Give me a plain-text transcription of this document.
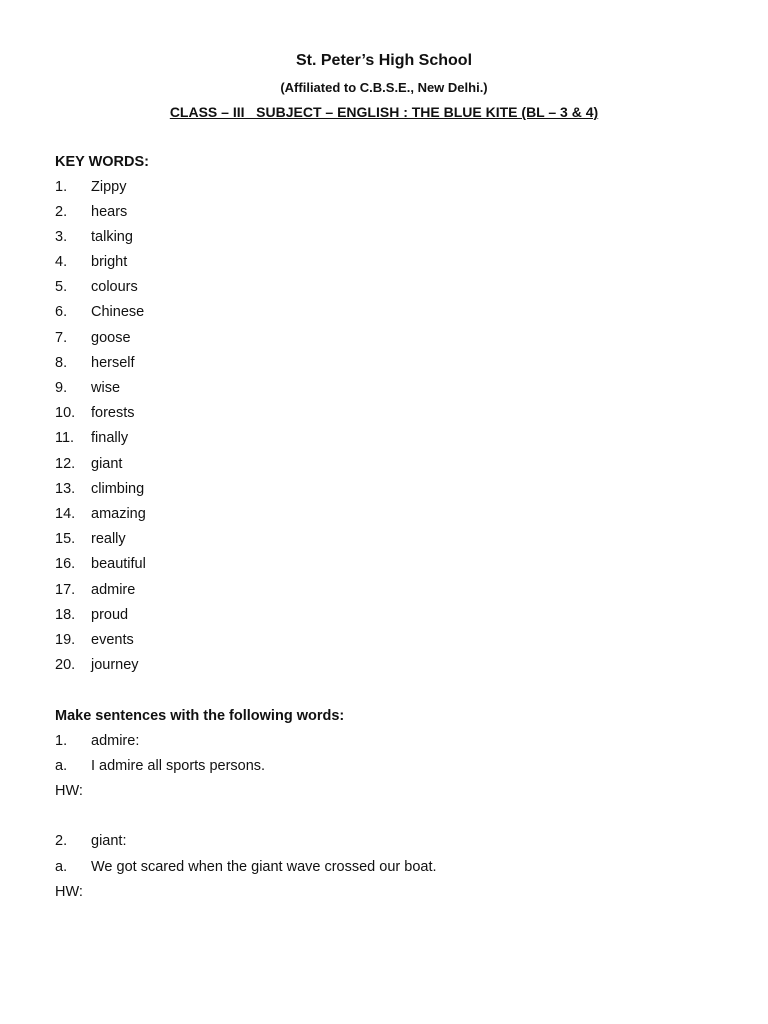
St. Peter’s High School
(Affiliated to C.B.S.E., New Delhi.)
CLASS – III   SUBJECT – ENGLISH : THE BLUE KITE (BL – 3 & 4)
KEY WORDS:
1.	Zippy
2.	hears
3.	talking
4.	bright
5.	colours
6.	Chinese
7.	goose
8.	herself
9.	wise
10.	forests
11.	finally
12.	giant
13.	climbing
14.	amazing
15.	really
16.	beautiful
17.	admire
18.	proud
19.	events
20.	journey
Make sentences with the following words:
1.	admire:
a.	I admire all sports persons.
HW:
2.	giant:
a.	We got scared when the giant wave crossed our boat.
HW:
